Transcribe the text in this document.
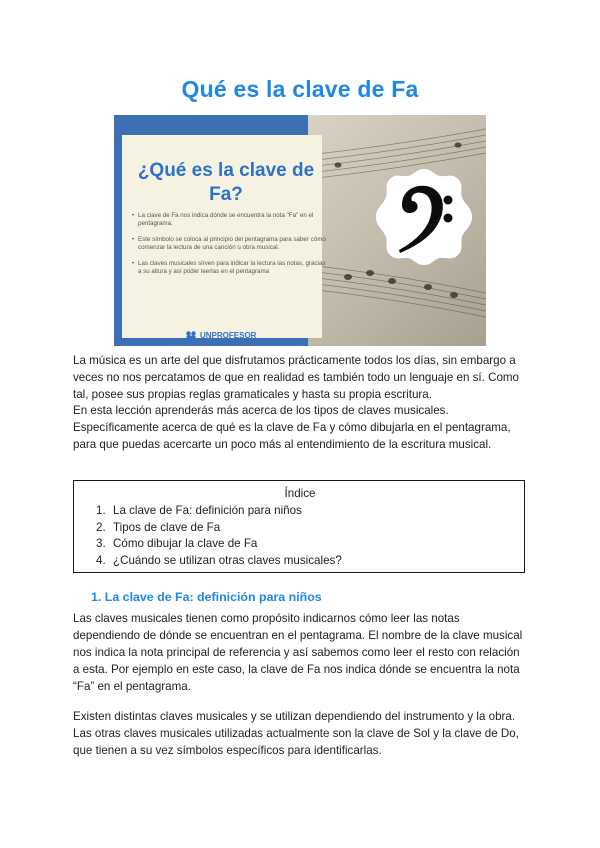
Qué es la clave de Fa
¿Qué es la clave de
Fa?
• La clave de Fa nos indica dónde se encuentra la nota "Fa" en el pentagrama.
• Este símbolo se coloca al principio del pentagrama para saber cómo comenzar la lectura de una canción u obra musical.
• Las claves musicales sirven para indicar la lectura las notas, gracias a su altura y así poder leerlas en el pentagrama
UNPROFESOR
La música es un arte del que disfrutamos prácticamente todos los días, sin embargo a veces no nos percatamos de que en realidad es también todo un lenguaje en sí. Como tal, posee sus propias reglas gramaticales y hasta su propia escritura.
En esta lección aprenderás más acerca de los tipos de claves musicales. Específicamente acerca de qué es la clave de Fa y cómo dibujarla en el pentagrama, para que puedas acercarte un poco más al entendimiento de la escritura musical.
Índice
1. La clave de Fa: definición para niños
2. Tipos de clave de Fa
3. Cómo dibujar la clave de Fa
4. ¿Cuándo se utilizan otras claves musicales?
1. La clave de Fa: definición para niños
Las claves musicales tienen como propósito indicarnos cómo leer las notas dependiendo de dónde se encuentran en el pentagrama. El nombre de la clave musical nos indica la nota principal de referencia y así sabemos como leer el resto con relación a esta. Por ejemplo en este caso, la clave de Fa nos indica dónde se encuentra la nota “Fa” en el pentagrama.
Existen distintas claves musicales y se utilizan dependiendo del instrumento y la obra. Las otras claves musicales utilizadas actualmente son la clave de Sol y la clave de Do, que tienen a su vez símbolos específicos para identificarlas.
